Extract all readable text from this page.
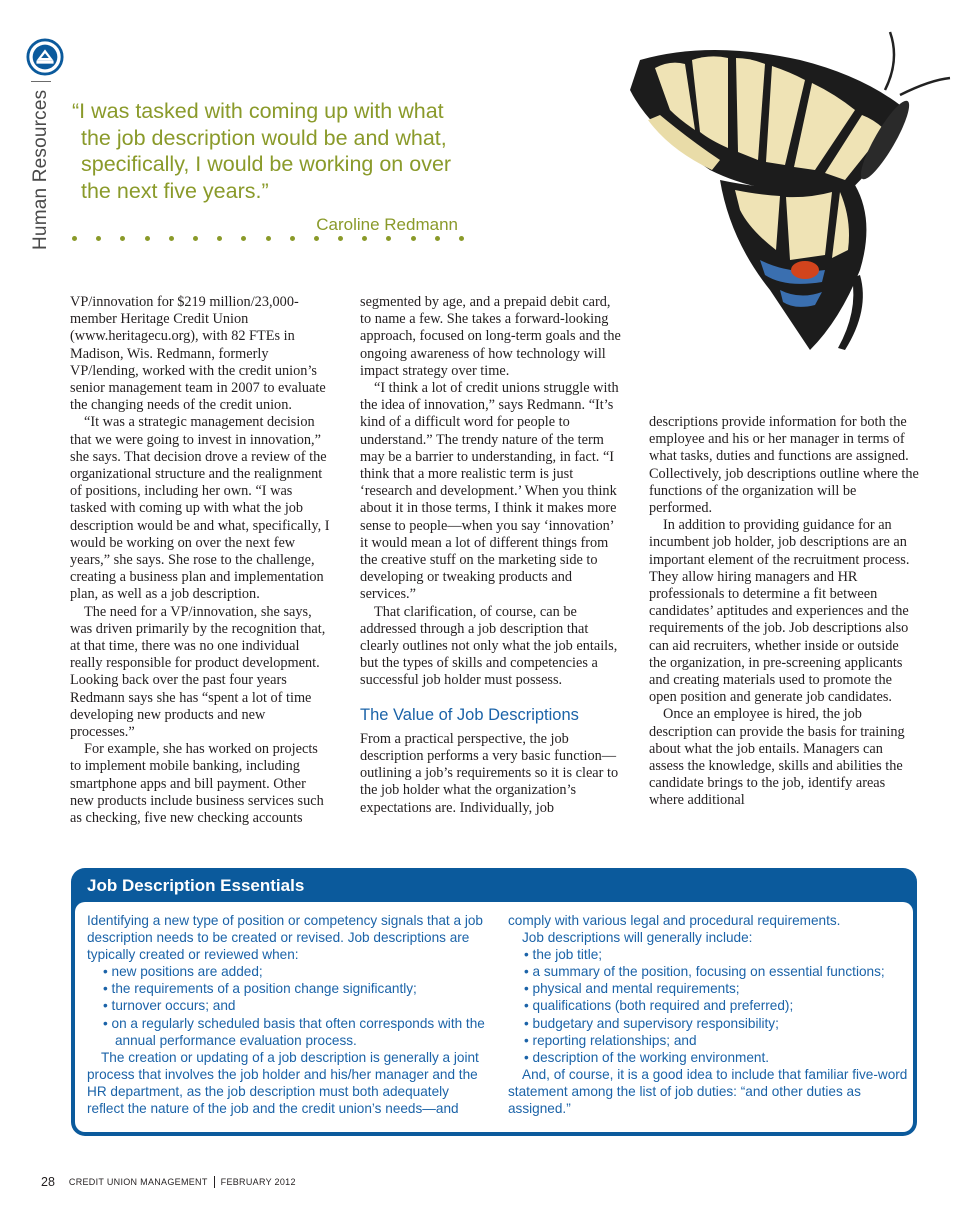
Human Resources “I was tasked with coming up with what the job description would be and what, specifically, I would be working on over the next five years.”

Caroline Redmann

VP/innovation for $219 million/23,000-member Heritage Credit Union (www.heritagecu.org), with 82 FTEs in Madison, Wis. Redmann, formerly VP/lending, worked with the credit union’s senior management team in 2007 to evaluate the changing needs of the credit union.

“It was a strategic management decision that we were going to invest in innovation,” she says. That decision drove a review of the organizational structure and the realignment of positions, including her own. “I was tasked with coming up with what the job description would be and what, specifically, I would be working on over the next few years,” she says. She rose to the challenge, creating a business plan and implementation plan, as well as a job description.

The need for a VP/innovation, she says, was driven primarily by the recognition that, at that time, there was no one individual really responsible for product development. Looking back over the past four years Redmann says she has “spent a lot of time developing new products and new processes.”

For example, she has worked on projects to implement mobile banking, including smartphone apps and bill payment. Other new products include business services such as checking, five new checking accounts

segmented by age, and a prepaid debit card, to name a few. She takes a forward-looking approach, focused on long-term goals and the ongoing awareness of how technology will impact strategy over time.

“I think a lot of credit unions struggle with the idea of innovation,” says Redmann. “It’s kind of a difficult word for people to understand.” The trendy nature of the term may be a barrier to understanding, in fact. “I think that a more realistic term is just ‘research and development.’ When you think about it in those terms, I think it makes more sense to people—when you say ‘innovation’ it would mean a lot of different things from the creative stuff on the marketing side to developing or tweaking products and services.”

That clarification, of course, can be addressed through a job description that clearly outlines not only what the job entails, but the types of skills and competencies a successful job holder must possess.

The Value of Job Descriptions

From a practical perspective, the job description performs a very basic function—outlining a job’s requirements so it is clear to the job holder what the organization’s expectations are. Individually, job

descriptions provide information for both the employee and his or her manager in terms of what tasks, duties and functions are assigned. Collectively, job descriptions outline where the functions of the organization will be performed.

In addition to providing guidance for an incumbent job holder, job descriptions are an important element of the recruitment process. They allow hiring managers and HR professionals to determine a fit between candidates’ aptitudes and experiences and the requirements of the job. Job descriptions also can aid recruiters, whether inside or outside the organization, in pre-screening applicants and creating materials used to promote the open position and generate job candidates.

Once an employee is hired, the job description can provide the basis for training about what the job entails. Managers can assess the knowledge, skills and abilities the candidate brings to the job, identify areas where additional

Job Description Essentials

Identifying a new type of position or competency signals that a job description needs to be created or revised. Job descriptions are typically created or reviewed when:

• new positions are added;

• the requirements of a position change significantly;

• turnover occurs; and

• on a regularly scheduled basis that often corresponds with the annual performance evaluation process.

The creation or updating of a job description is generally a joint process that involves the job holder and his/her manager and the HR department, as the job description must both adequately reflect the nature of the job and the credit union’s needs—and

comply with various legal and procedural requirements.

Job descriptions will generally include:

• the job title;

• a summary of the position, focusing on essential functions;

• physical and mental requirements;

• qualifications (both required and preferred);

• budgetary and supervisory responsibility;

• reporting relationships; and

• description of the working environment.

And, of course, it is a good idea to include that familiar five-word statement among the list of job duties: “and other duties as assigned.”

28 CREDIT UNION MANAGEMENT FEBRUARY 2012
